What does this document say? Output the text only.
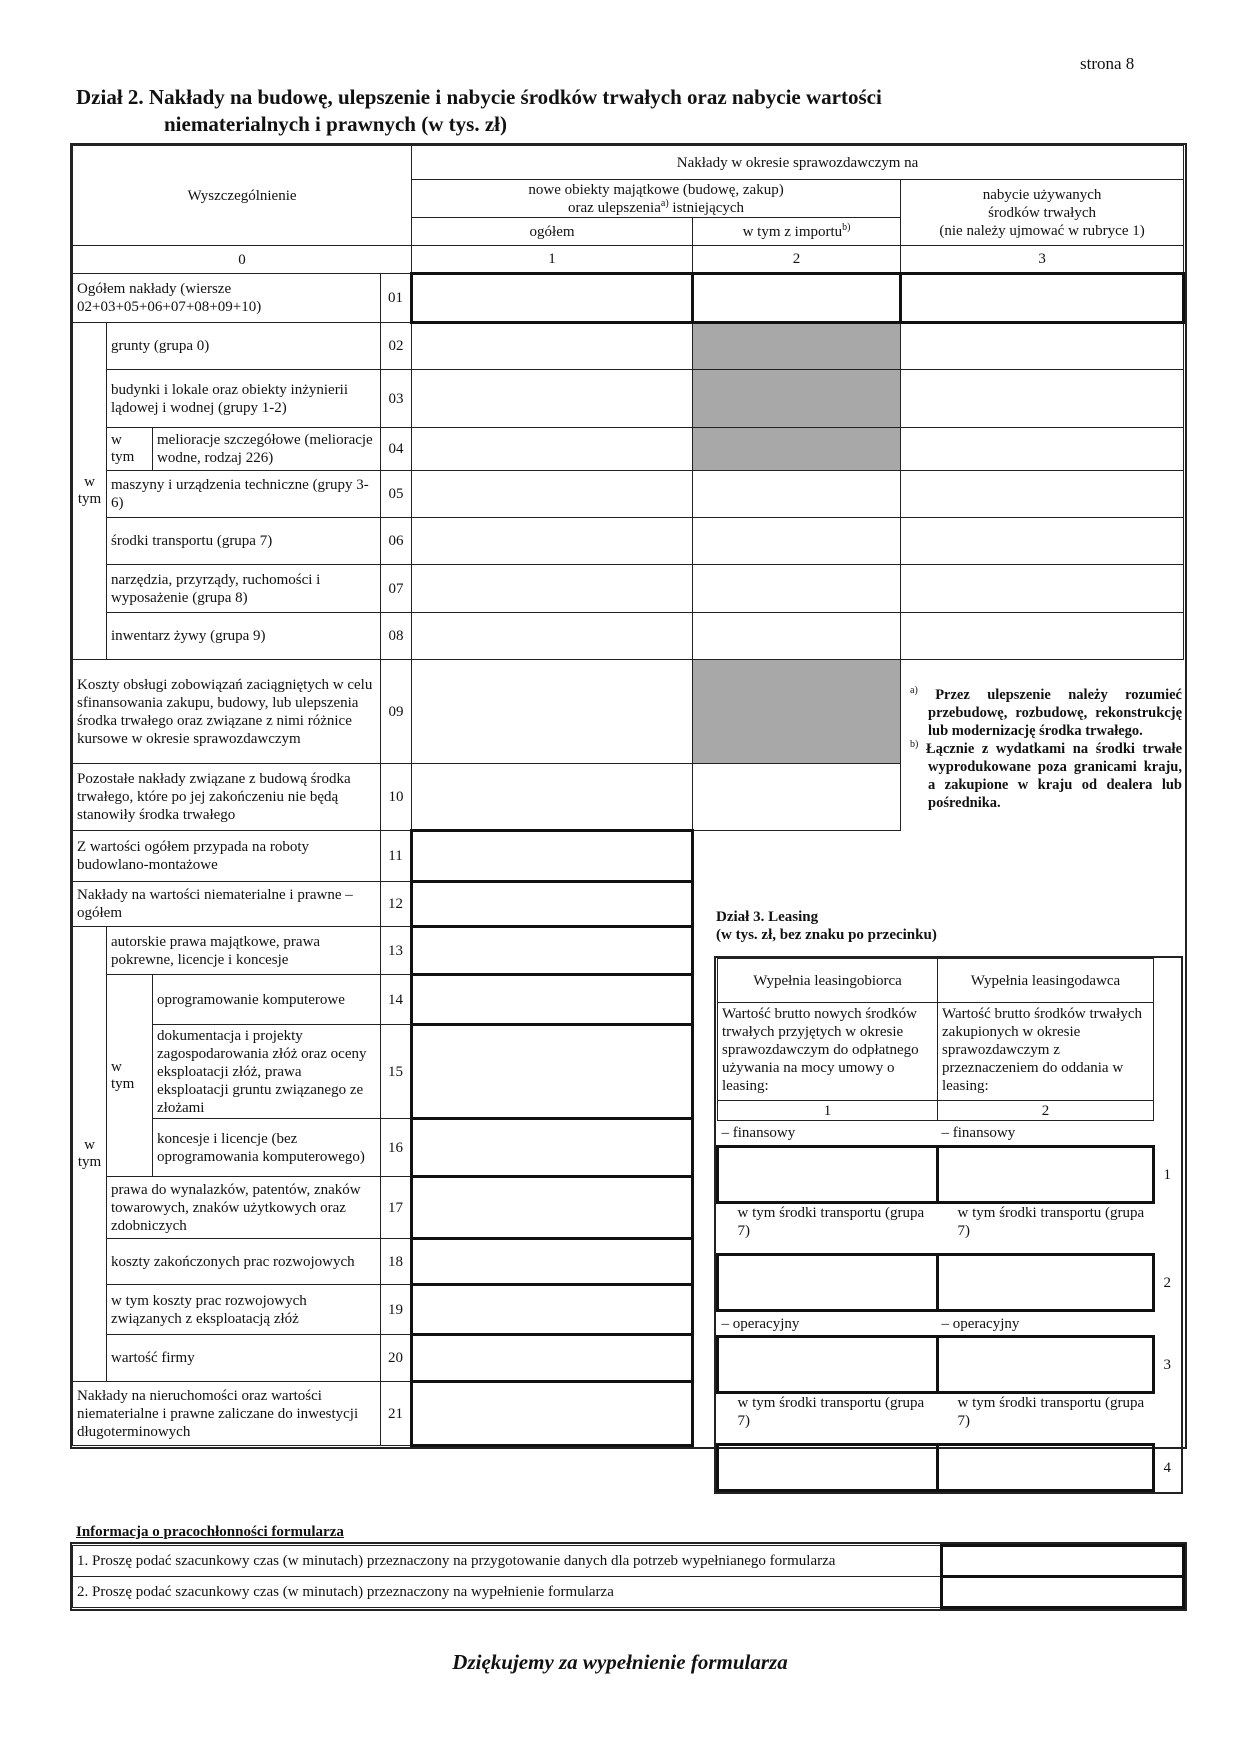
strona 8
Dział 2. Nakłady na budowę, ulepszenie i nabycie środków trwałych oraz nabycie wartości
niematerialnych i prawnych (w tys. zł)
Wyszczególnienie				Nakłady w okresie sprawozdawczym na		
				nowe obiekty majątkowe (budowę, zakup)
oraz ulepszenia$^{a)}$ istniejących		nabycie używanych
środków trwałych
(nie należy ujmować w rubryce 1)
				ogółem	w tym z importu$^{b)}$
0				1	2	3
Ogółem nakłady (wiersze 02+03+05+06+07+08+09+10)			01			
w tym	grunty (grupa 0)		02			
	budynki i lokale oraz obiekty inżynierii lądowej i wodnej (grupy 1-2)		03			
	w tym	melioracje szczegółowe (melioracje wodne, rodzaj 226)	04			
	maszyny i urządzenia techniczne (grupy 3-6)		05			
	środki transportu (grupa 7)		06			
	narzędzia, przyrządy, ruchomości i wyposażenie (grupa 8)		07			
	inwentarz żywy (grupa 9)		08			
Koszty obsługi zobowiązań zaciągniętych w celu sfinansowania zakupu, budowy, lub ulepszenia środka trwałego oraz związane z nimi różnice kursowe w okresie sprawozdawczym			09			
Pozostałe nakłady związane z budową środka trwałego, które po jej zakończeniu nie będą stanowiły środka trwałego			10			
Z wartości ogółem przypada na roboty budowlano-montażowe			11			
Nakłady na wartości niematerialne i prawne – ogółem			12			
w tym	autorskie prawa majątkowe, prawa pokrewne, licencje i koncesje		13			
	w tym	oprogramowanie komputerowe	14			
		dokumentacja i projekty zagospodarowania złóż oraz oceny eksploatacji złóż, prawa eksploatacji gruntu związanego ze złożami	15			
		koncesje i licencje (bez oprogramowania komputerowego)	16			
	prawa do wynalazków, patentów, znaków towarowych, znaków użytkowych oraz zdobniczych		17			
	koszty zakończonych prac rozwojowych		18			
	w tym koszty prac rozwojowych związanych z eksploatacją złóż		19			
	wartość firmy		20			
Nakłady na nieruchomości oraz wartości niematerialne i prawne zaliczane do inwestycji długoterminowych			21			
$^{a)}$ Przez ulepszenie należy rozumieć przebudowę, rozbudowę, rekonstrukcję lub modernizację środka trwałego.
$^{b)}$ Łącznie z wydatkami na środki trwałe wyprodukowane poza granicami kraju, a zakupione w kraju od dealera lub pośrednika.
Dział 3. Leasing
(w tys. zł, bez znaku po przecinku)
Wypełnia leasingobiorca	Wypełnia leasingodawca	
Wartość brutto nowych środków trwałych przyjętych w okresie sprawozdawczym do odpłatnego używania na mocy umowy o leasing:	Wartość brutto środków trwałych zakupionych w okresie sprawozdawczym z przeznaczeniem do oddania w leasing:	
1	2	
– finansowy	– finansowy	
		1
w tym środki transportu (grupa 7)	w tym środki transportu (grupa 7)	
		2
– operacyjny	– operacyjny	
		3
w tym środki transportu (grupa 7)	w tym środki transportu (grupa 7)	
		4
Informacja o pracochłonności formularza
1. Proszę podać szacunkowy czas (w minutach) przeznaczony na przygotowanie danych dla potrzeb wypełnianego formularza	
2. Proszę podać szacunkowy czas (w minutach) przeznaczony na wypełnienie formularza	
Dziękujemy za wypełnienie formularza
